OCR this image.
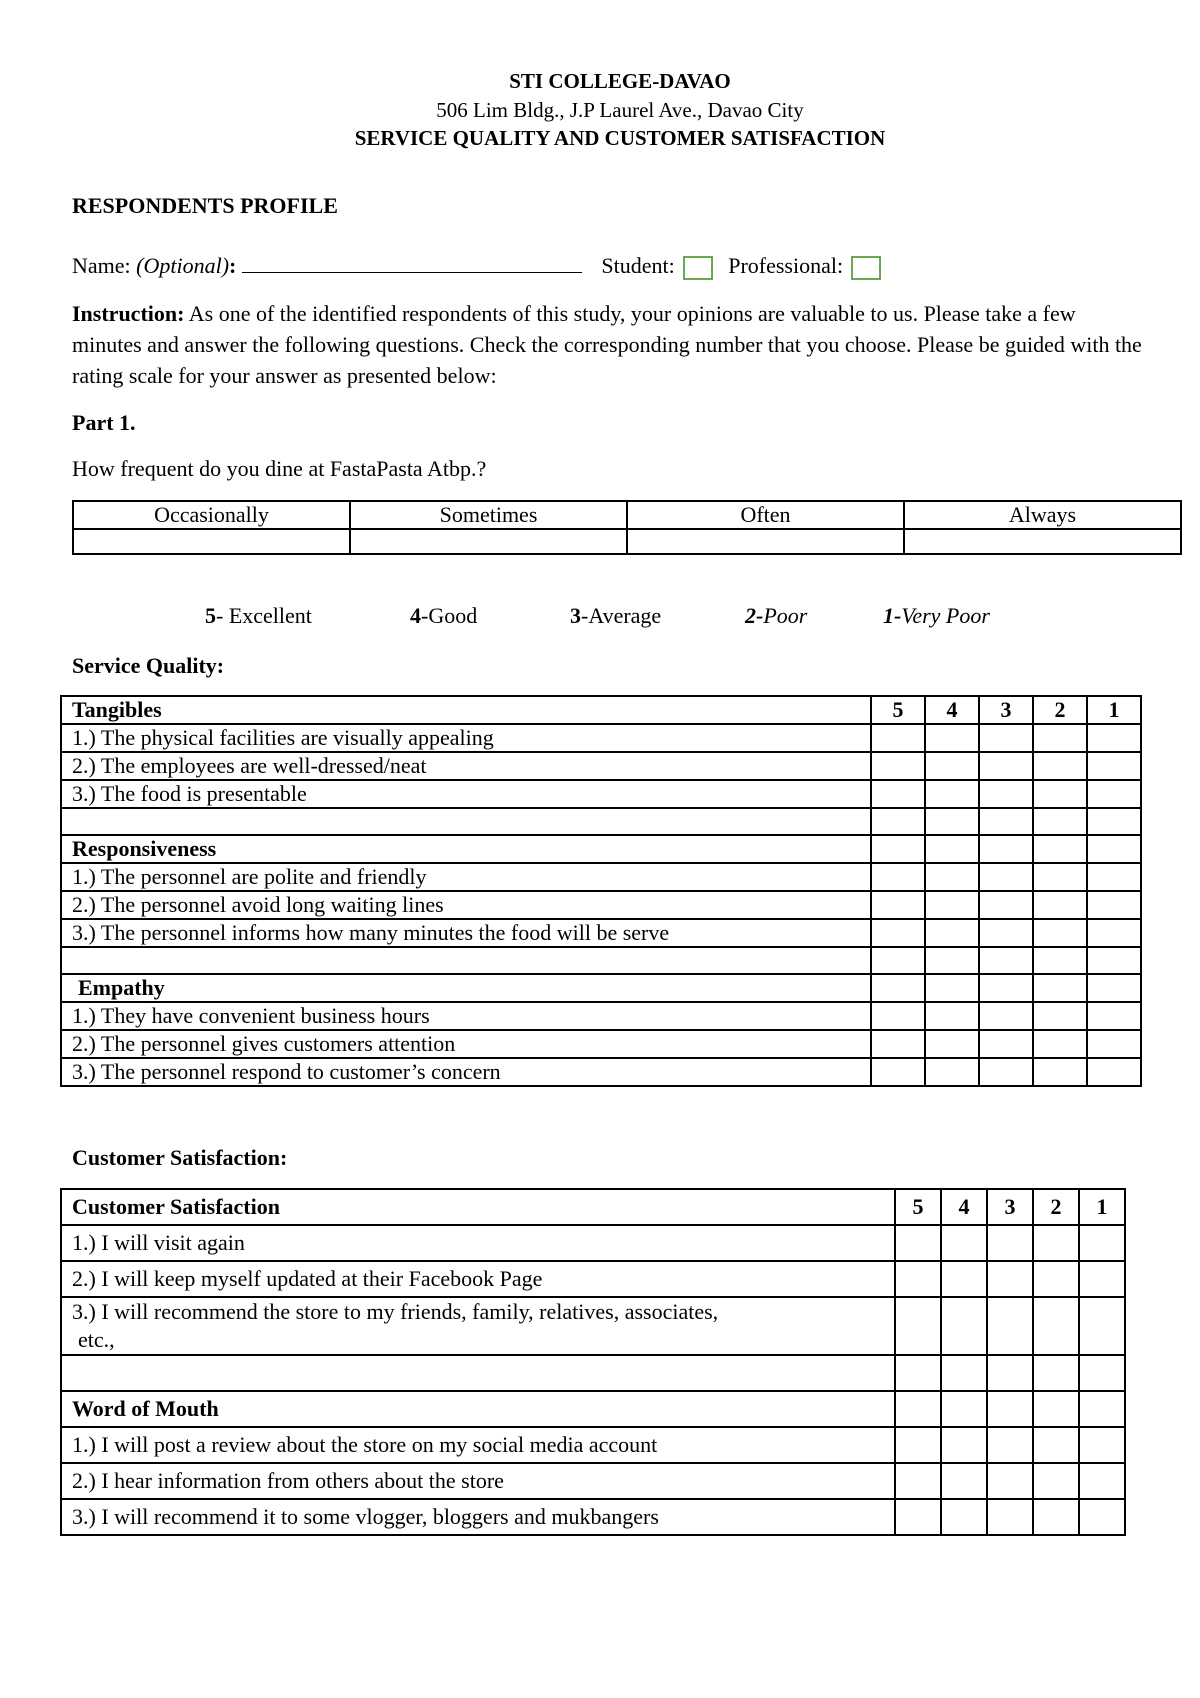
STI COLLEGE-DAVAO
506 Lim Bldg., J.P Laurel Ave., Davao City
SERVICE QUALITY AND CUSTOMER SATISFACTION
RESPONDENTS PROFILE
Name: (Optional):	Student: Professional:
Instruction: As one of the identified respondents of this study, your opinions are valuable to us. Please take a few minutes and answer the following questions. Check the corresponding number that you choose. Please be guided with the rating scale for your answer as presented below:
Part 1.
How frequent do you dine at FastaPasta Atbp.?
Occasionally	Sometimes	Often	Always

5- Excellent	4-Good	3-Average	2-Poor	1-Very Poor
Service Quality:
Tangibles	5	4	3	2	1
1.) The physical facilities are visually appealing					
2.) The employees are well-dressed/neat					
3.) The food is presentable					

Responsiveness					
1.) The personnel are polite and friendly					
2.) The personnel avoid long waiting lines					
3.) The personnel informs how many minutes the food will be serve					

Empathy					
1.) They have convenient business hours					
2.) The personnel gives customers attention					
3.) The personnel respond to customer’s concern					
Customer Satisfaction:
Customer Satisfaction	5	4	3	2	1
1.) I will visit again					
2.) I will keep myself updated at their Facebook Page					
3.) I will recommend the store to my friends, family, relatives, associates,
etc.,					

Word of Mouth					
1.) I will post a review about the store on my social media account					
2.) I hear information from others about the store					
3.) I will recommend it to some vlogger, bloggers and mukbangers					
